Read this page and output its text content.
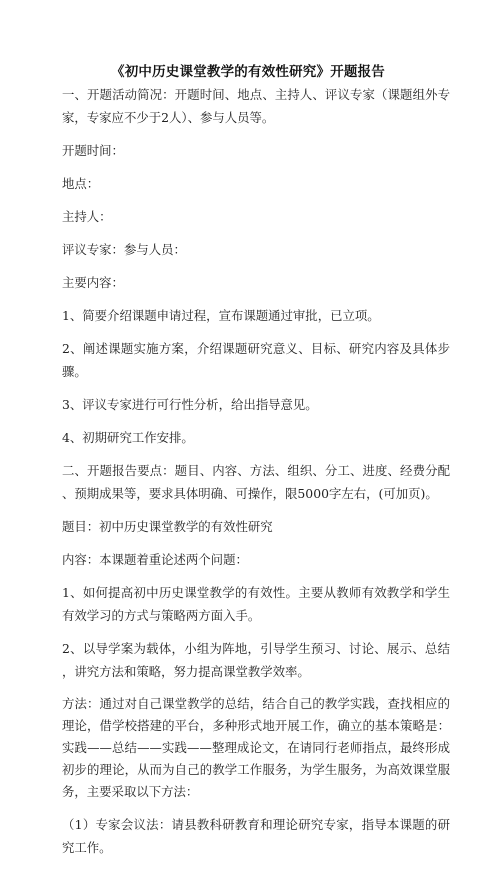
《初中历史课堂教学的有效性研究》开题报告

一、开题活动简况：开题时间、地点、主持人、评议专家（课题组外专家，专家应不少于2人）、参与人员等。

开题时间：

地点：

主持人：

评议专家：参与人员：

主要内容：

1、简要介绍课题申请过程，宣布课题通过审批，已立项。

2、阐述课题实施方案，介绍课题研究意义、目标、研究内容及具体步骤。

3、评议专家进行可行性分析，给出指导意见。

4、初期研究工作安排。

二、开题报告要点：题目、内容、方法、组织、分工、进度、经费分配、预期成果等，要求具体明确、可操作，限5000字左右，(可加页)。

题目：初中历史课堂教学的有效性研究

内容：本课题着重论述两个问题：

1、如何提高初中历史课堂教学的有效性。主要从教师有效教学和学生有效学习的方式与策略两方面入手。

2、以导学案为载体，小组为阵地，引导学生预习、讨论、展示、总结，讲究方法和策略，努力提高课堂教学效率。

方法：通过对自己课堂教学的总结，结合自己的教学实践，查找相应的理论，借学校搭建的平台，多种形式地开展工作，确立的基本策略是：实践——总结——实践——整理成论文，在请同行老师指点，最终形成初步的理论，从而为自己的教学工作服务，为学生服务，为高效课堂服务，主要采取以下方法：

（1）专家会议法：请县教科研教育和理论研究专家，指导本课题的研究工作。
